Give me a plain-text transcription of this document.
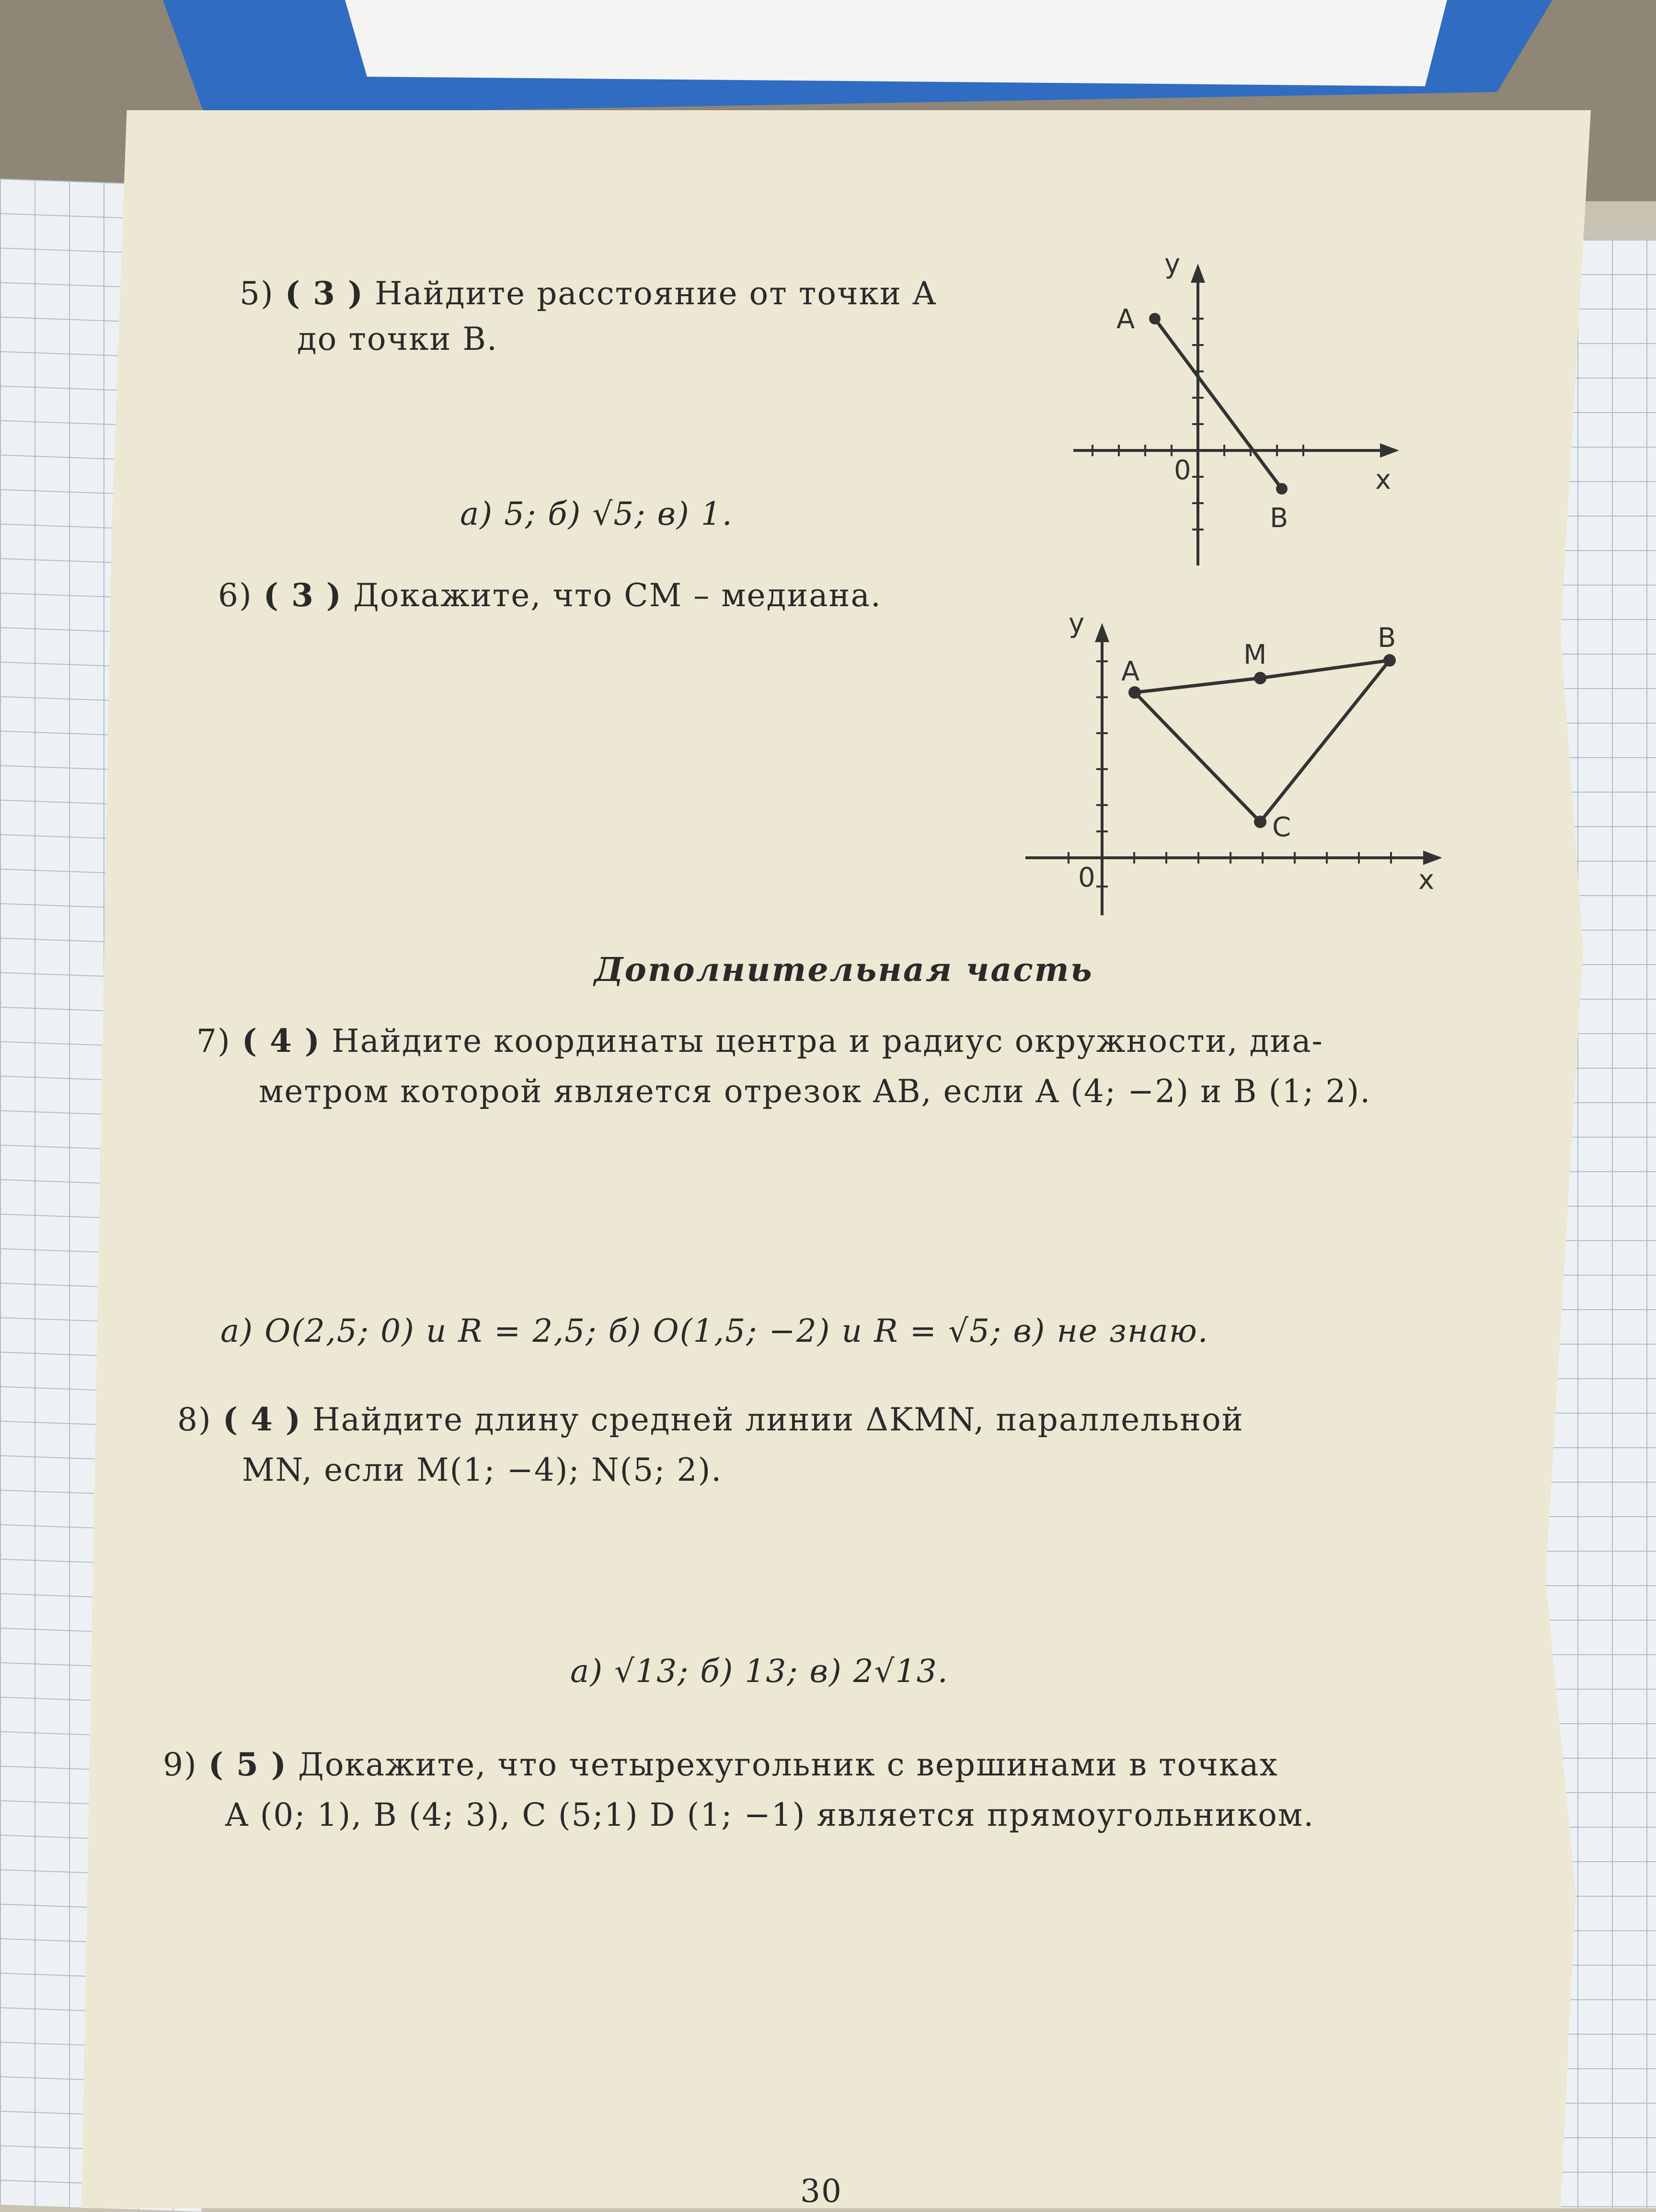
5) ( 3 ) Найдите расстояние от точки A
до точки B.
а) 5; б) √5; в) 1.
A
B
y
x
0
6) ( 3 ) Докажите, что CM – медиана.
A
M
B
C
y
x
0
Дополнительная часть
7) ( 4 ) Найдите координаты центра и радиус окружности, диа-
метром которой является отрезок AB, если A (4; −2) и B (1; 2).
а) O(2,5; 0) и R = 2,5; б) O(1,5; −2) и R = √5; в) не знаю.
8) ( 4 ) Найдите длину средней линии ΔKMN, параллельной
MN, если M(1; −4); N(5; 2).
а) √13; б) 13; в) 2√13.
9) ( 5 ) Докажите, что четырехугольник с вершинами в точках
A (0; 1), B (4; 3), C (5;1) D (1; −1) является прямоугольником.
30
